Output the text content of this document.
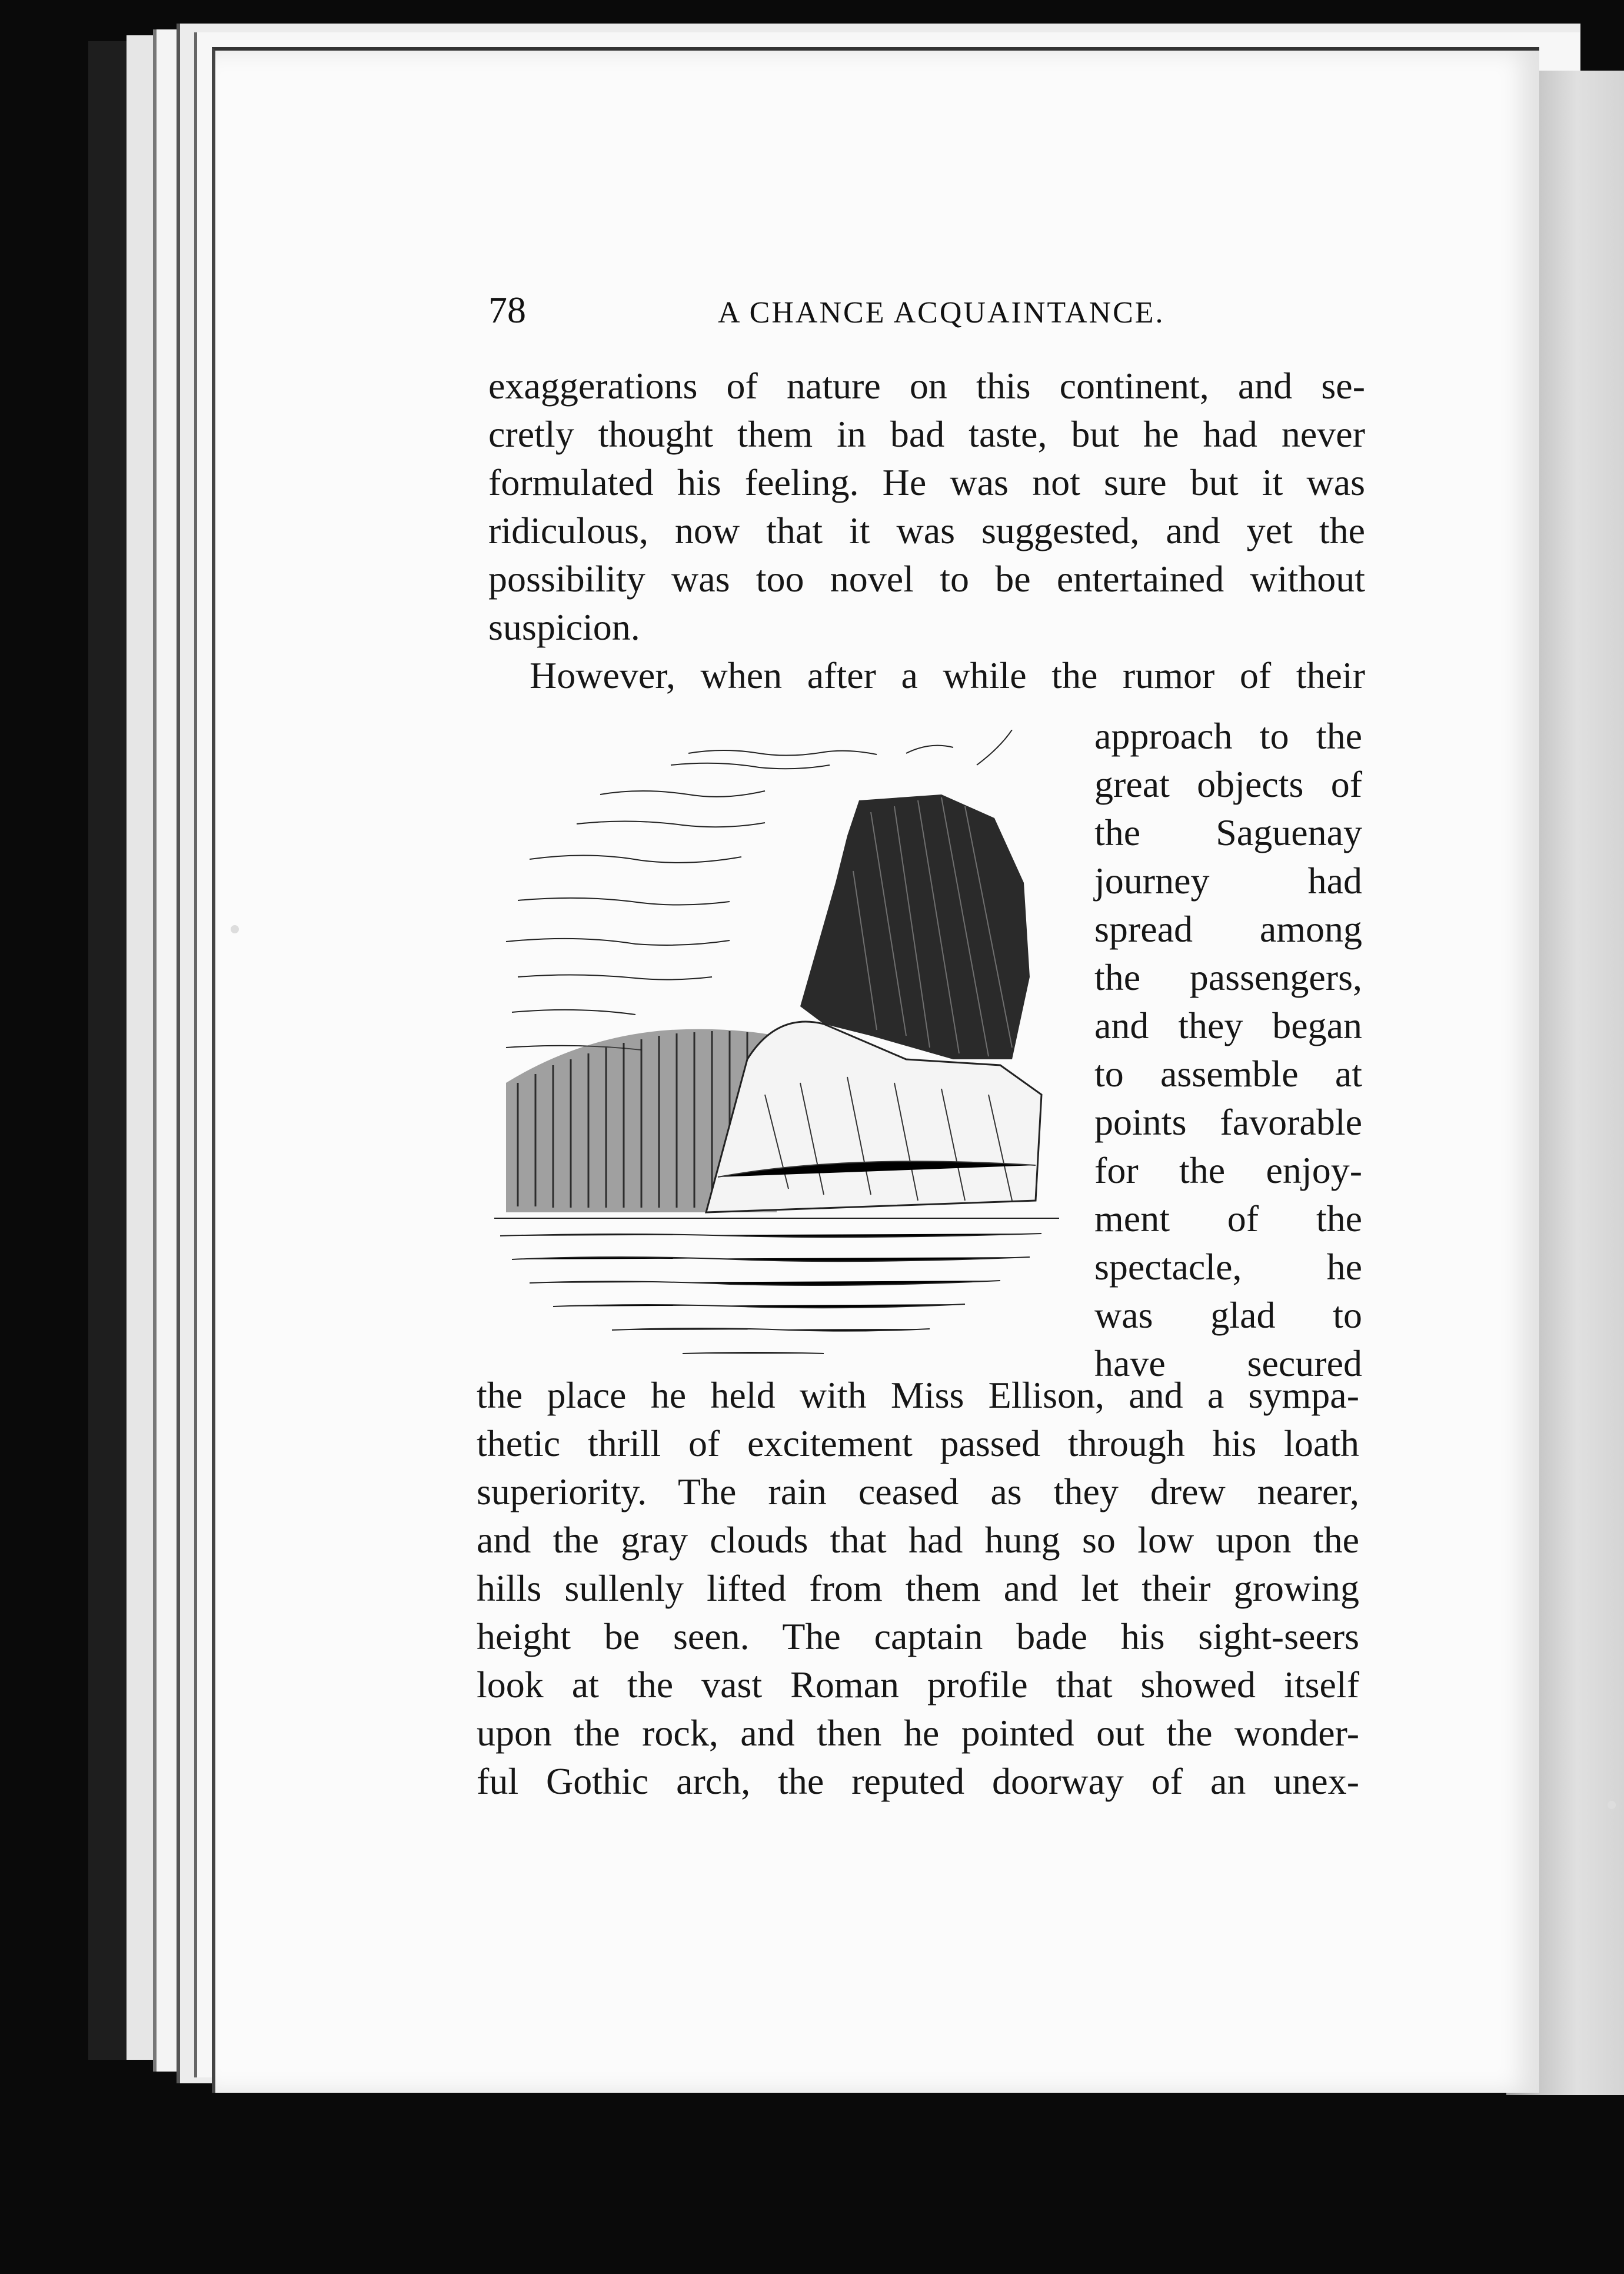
78	A CHANCE ACQUAINTANCE.
exaggerations of nature on this continent, and se-
cretly thought them in bad taste, but he had never
formulated his feeling. He was not sure but it was
ridiculous, now that it was suggested, and yet the
possibility was too novel to be entertained without
suspicion.
However, when after a while the rumor of their
approach to the
great objects of
the Saguenay
journey had
spread among
the passengers,
and they began
to assemble at
points favorable
for the enjoy-
ment of the
spectacle, he
was glad to
have secured
the place he held with Miss Ellison, and a sympa-
thetic thrill of excitement passed through his loath
superiority. The rain ceased as they drew nearer,
and the gray clouds that had hung so low upon the
hills sullenly lifted from them and let their growing
height be seen. The captain bade his sight-seers
look at the vast Roman profile that showed itself
upon the rock, and then he pointed out the wonder-
ful Gothic arch, the reputed doorway of an unex-
